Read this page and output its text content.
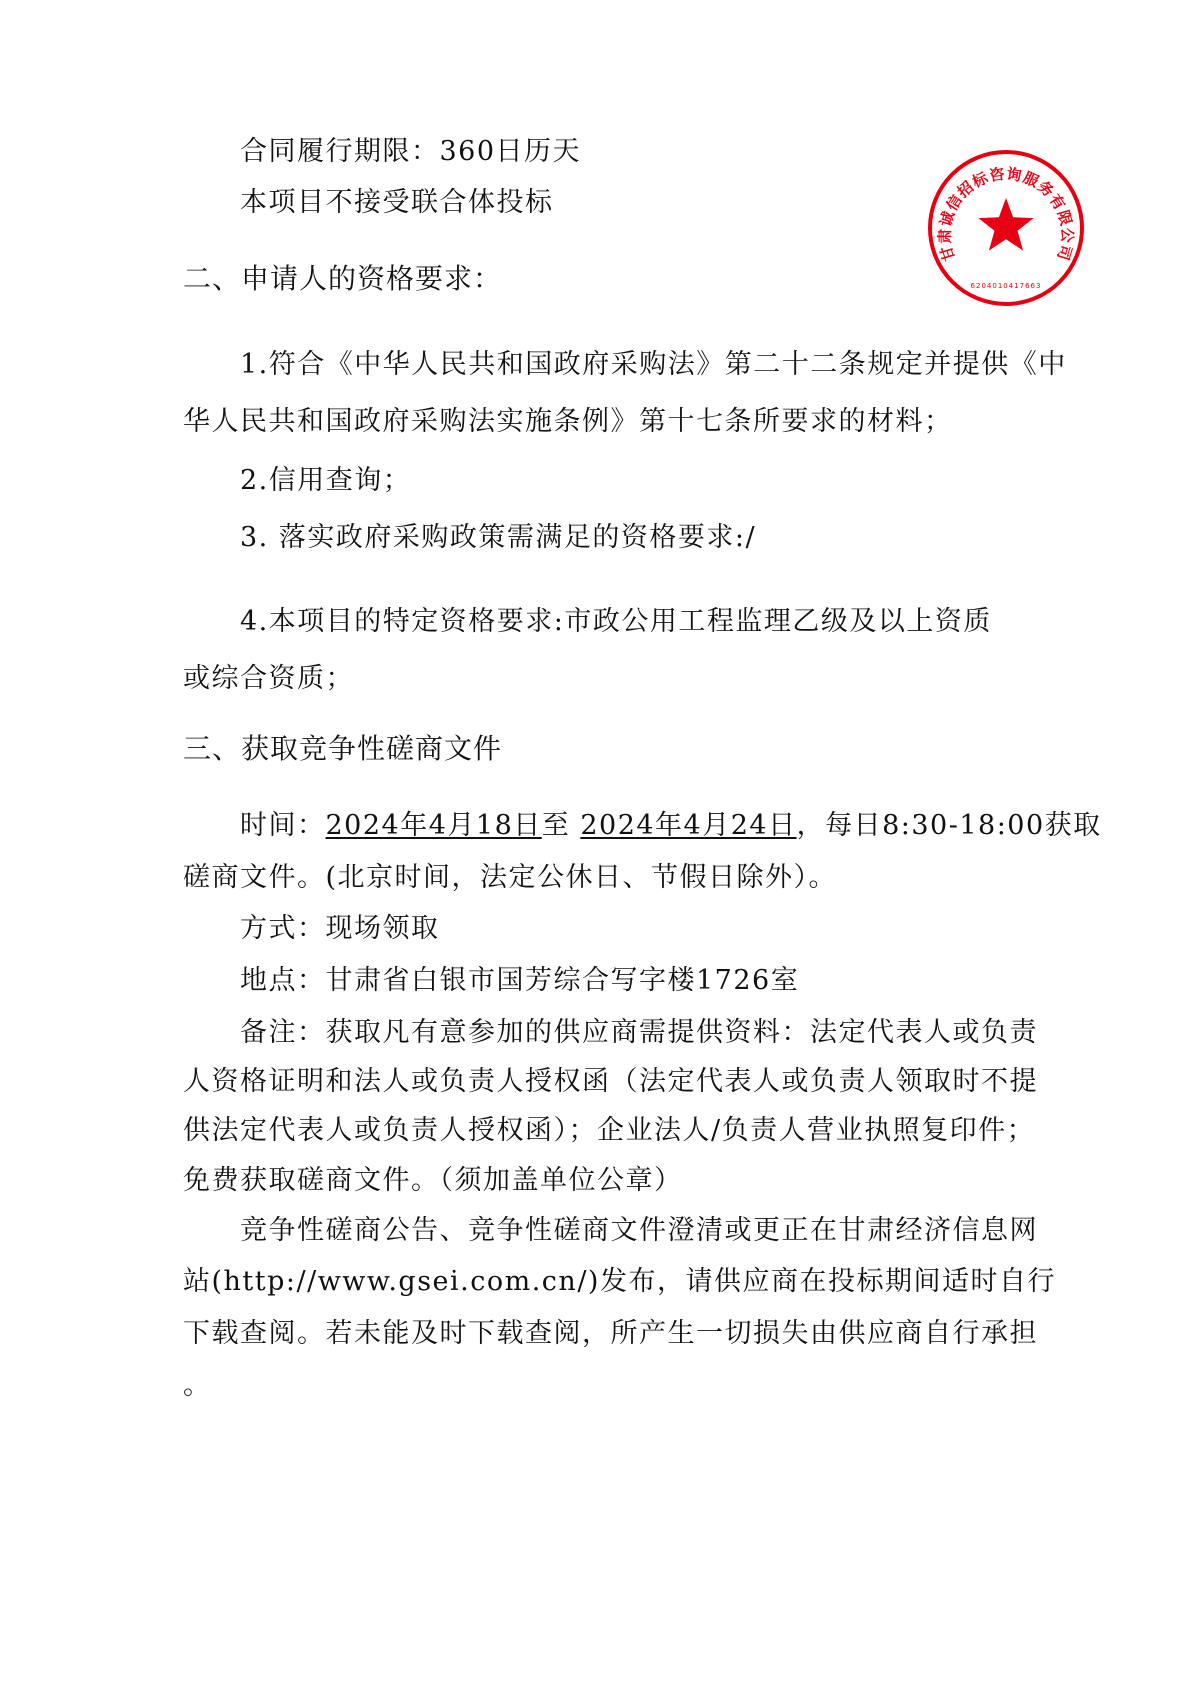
甘肃诚信招标咨询服务有限公司
6204010417663
合同履行期限：360日历天
本项目不接受联合体投标
二、申请人的资格要求：
1.符合《中华人民共和国政府采购法》第二十二条规定并提供《中
华人民共和国政府采购法实施条例》第十七条所要求的材料；
2.信用查询；
3. 落实政府采购政策需满足的资格要求:/
4.本项目的特定资格要求:市政公用工程监理乙级及以上资质
或综合资质；
三、获取竞争性磋商文件
时间：2024年4月18日至 2024年4月24日，每日8:30-18:00获取
磋商文件。(北京时间，法定公休日、节假日除外）。
方式：现场领取
地点：甘肃省白银市国芳综合写字楼1726室
备注：获取凡有意参加的供应商需提供资料：法定代表人或负责
人资格证明和法人或负责人授权函（法定代表人或负责人领取时不提
供法定代表人或负责人授权函）；企业法人/负责人营业执照复印件；
免费获取磋商文件。（须加盖单位公章）
竞争性磋商公告、竞争性磋商文件澄清或更正在甘肃经济信息网
站(http://www.gsei.com.cn/)发布，请供应商在投标期间适时自行
下载查阅。若未能及时下载查阅，所产生一切损失由供应商自行承担
。
